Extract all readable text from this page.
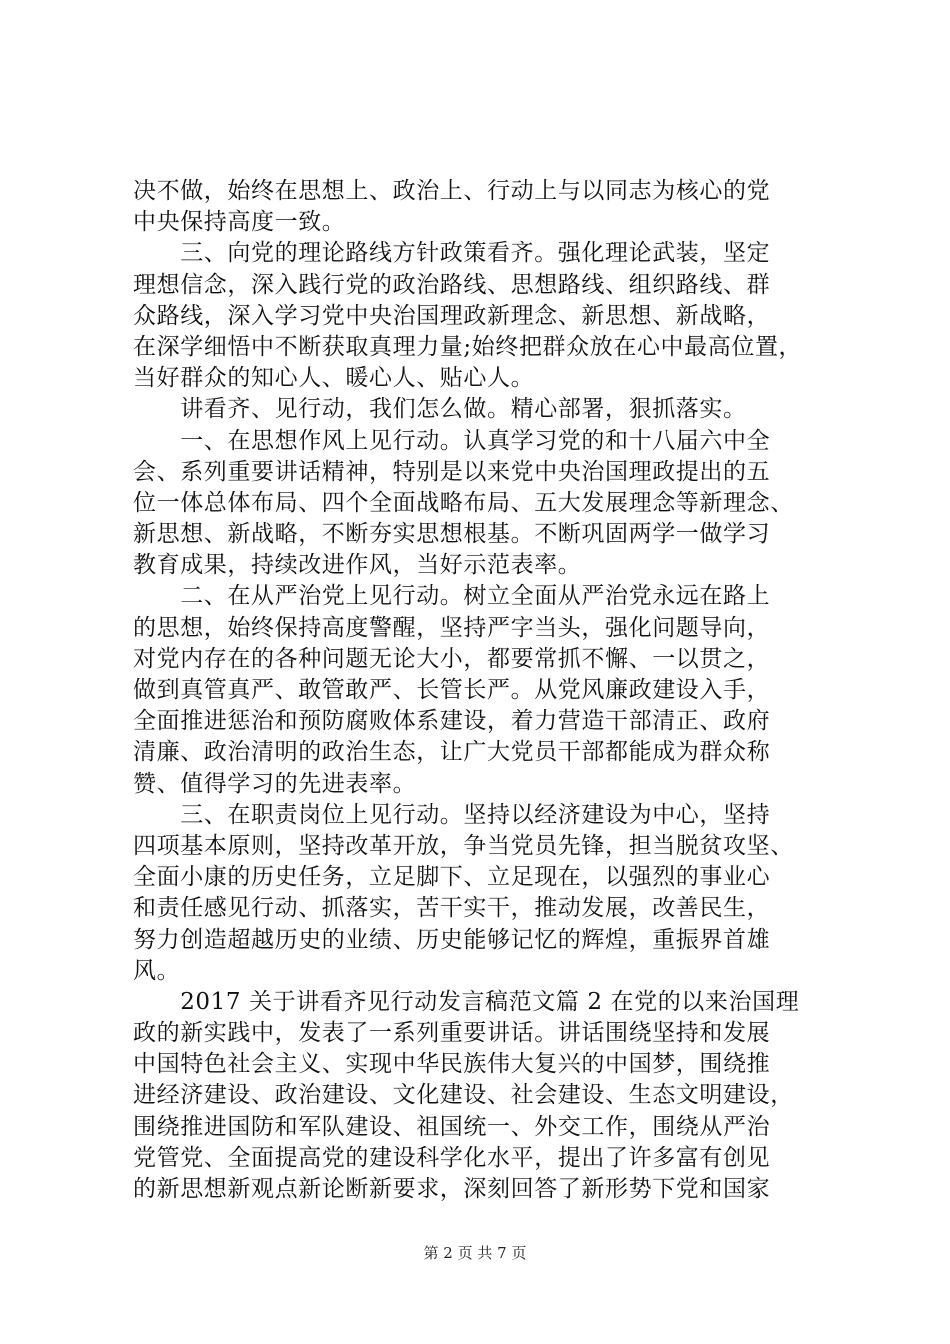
决不做，始终在思想上、政治上、行动上与以同志为核心的党
中央保持高度一致。
　　三、向党的理论路线方针政策看齐。强化理论武装，坚定
理想信念，深入践行党的政治路线、思想路线、组织路线、群
众路线，深入学习党中央治国理政新理念、新思想、新战略，
在深学细悟中不断获取真理力量;始终把群众放在心中最高位置，
当好群众的知心人、暖心人、贴心人。
　　讲看齐、见行动，我们怎么做。精心部署，狠抓落实。
　　一、在思想作风上见行动。认真学习党的和十八届六中全
会、系列重要讲话精神，特别是以来党中央治国理政提出的五
位一体总体布局、四个全面战略布局、五大发展理念等新理念、
新思想、新战略，不断夯实思想根基。不断巩固两学一做学习
教育成果，持续改进作风，当好示范表率。
　　二、在从严治党上见行动。树立全面从严治党永远在路上
的思想，始终保持高度警醒，坚持严字当头，强化问题导向，
对党内存在的各种问题无论大小，都要常抓不懈、一以贯之，
做到真管真严、敢管敢严、长管长严。从党风廉政建设入手，
全面推进惩治和预防腐败体系建设，着力营造干部清正、政府
清廉、政治清明的政治生态，让广大党员干部都能成为群众称
赞、值得学习的先进表率。
　　三、在职责岗位上见行动。坚持以经济建设为中心，坚持
四项基本原则，坚持改革开放，争当党员先锋，担当脱贫攻坚、
全面小康的历史任务，立足脚下、立足现在，以强烈的事业心
和责任感见行动、抓落实，苦干实干，推动发展，改善民生，
努力创造超越历史的业绩、历史能够记忆的辉煌，重振界首雄
风。
　　2017 关于讲看齐见行动发言稿范文篇 2 在党的以来治国理
政的新实践中，发表了一系列重要讲话。讲话围绕坚持和发展
中国特色社会主义、实现中华民族伟大复兴的中国梦，围绕推
进经济建设、政治建设、文化建设、社会建设、生态文明建设，
围绕推进国防和军队建设、祖国统一、外交工作，围绕从严治
党管党、全面提高党的建设科学化水平，提出了许多富有创见
的新思想新观点新论断新要求，深刻回答了新形势下党和国家
第 2 页 共 7 页
